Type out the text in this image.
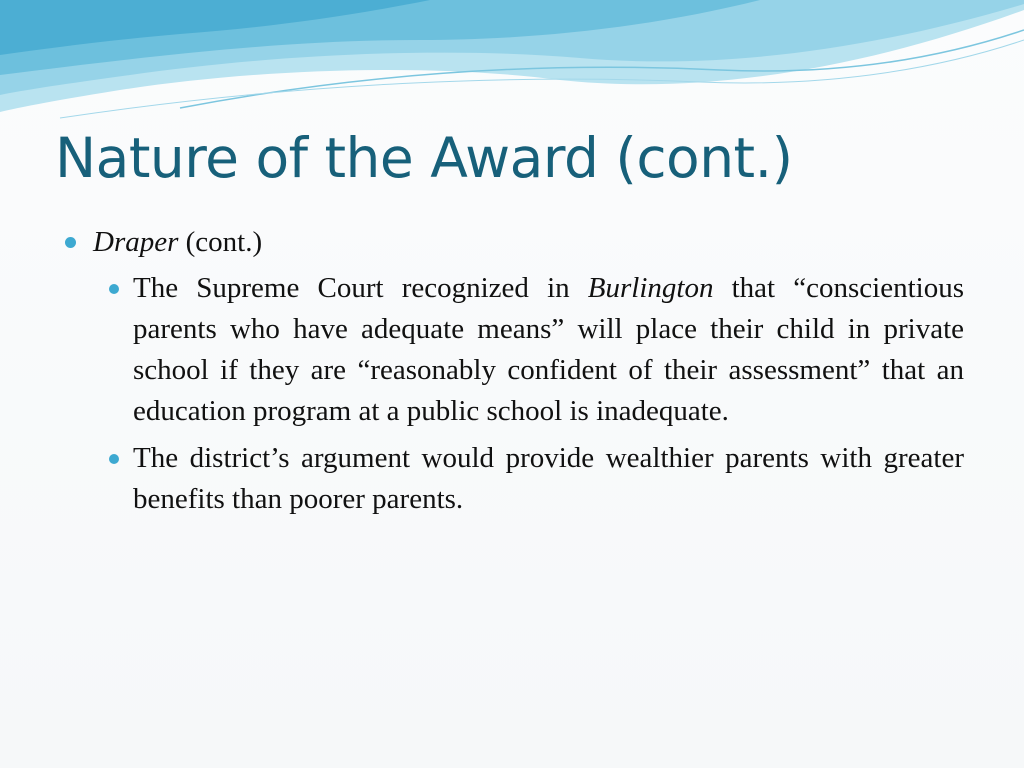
Nature of the Award (cont.)
Draper (cont.)
The Supreme Court recognized in Burlington that “conscientious parents who have adequate means” will place their child in private school if they are “reasonably confident of their assessment” that an education program at a public school is inadequate.
The district’s argument would provide wealthier parents with greater benefits than poorer parents.
